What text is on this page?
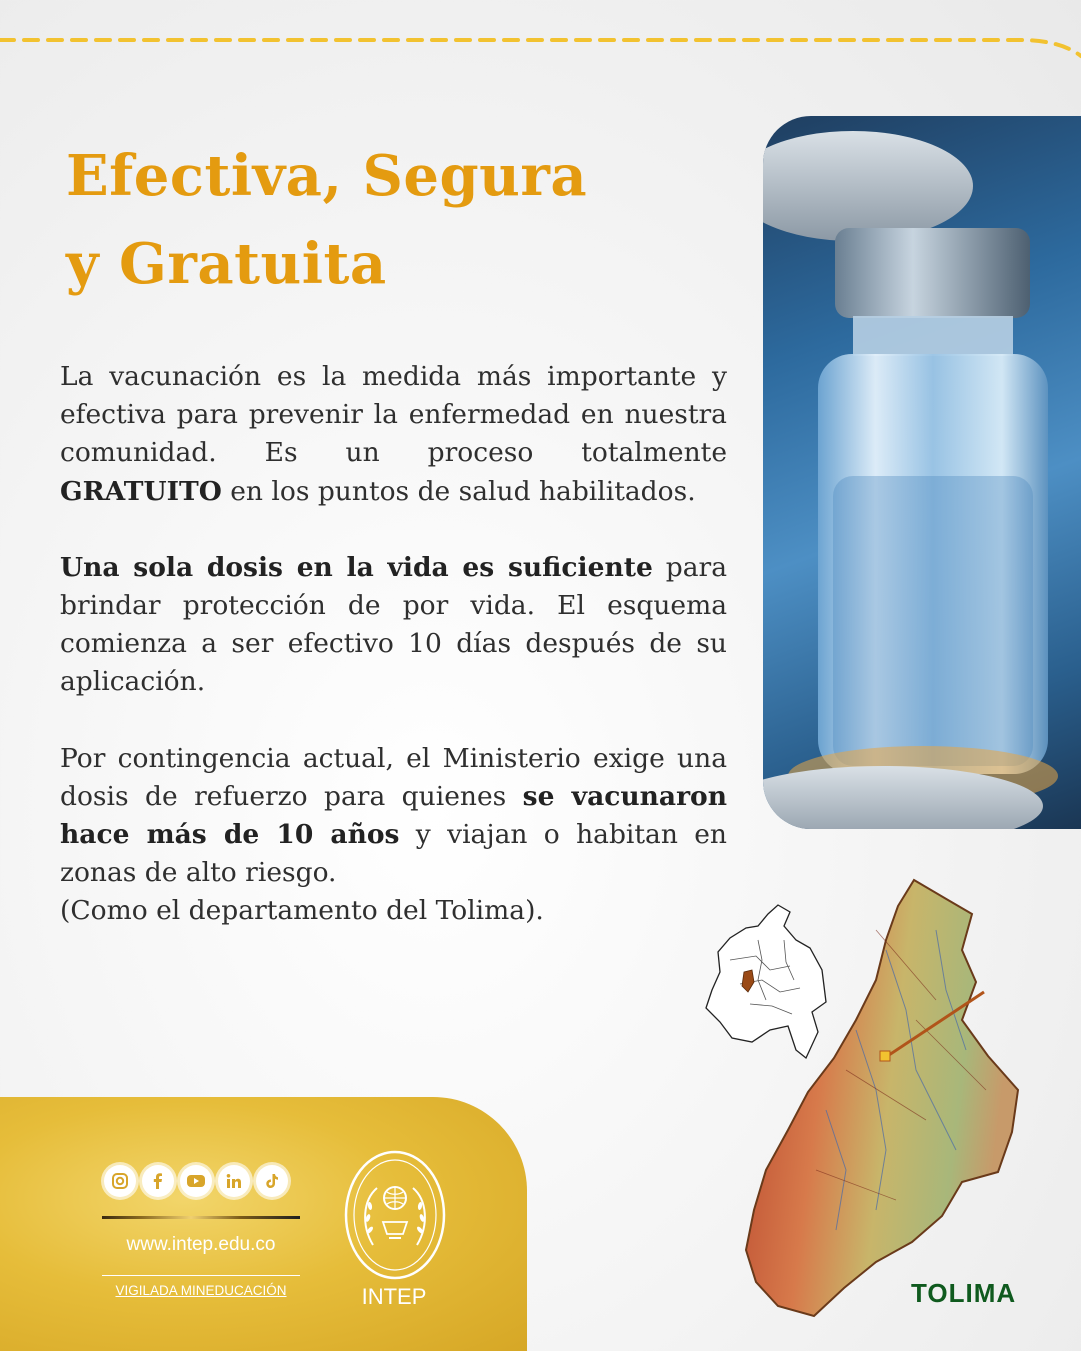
Efectiva, Segura
y Gratuita

La vacunación es la medida más importante y efectiva para prevenir la enfermedad en nuestra comunidad. Es un proceso totalmente GRATUITO en los puntos de salud habilitados.

Una sola dosis en la vida es suficiente para brindar protección de por vida. El esquema comienza a ser efectivo 10 días después de su aplicación.

Por contingencia actual, el Ministerio exige una dosis de refuerzo para quienes se vacunaron hace más de 10 años y viajan o habitan en zonas de alto riesgo.
(Como el departamento del Tolima).

www.intep.edu.co
VIGILADA MINEDUCACIÓN	INTEP	TOLIMA
